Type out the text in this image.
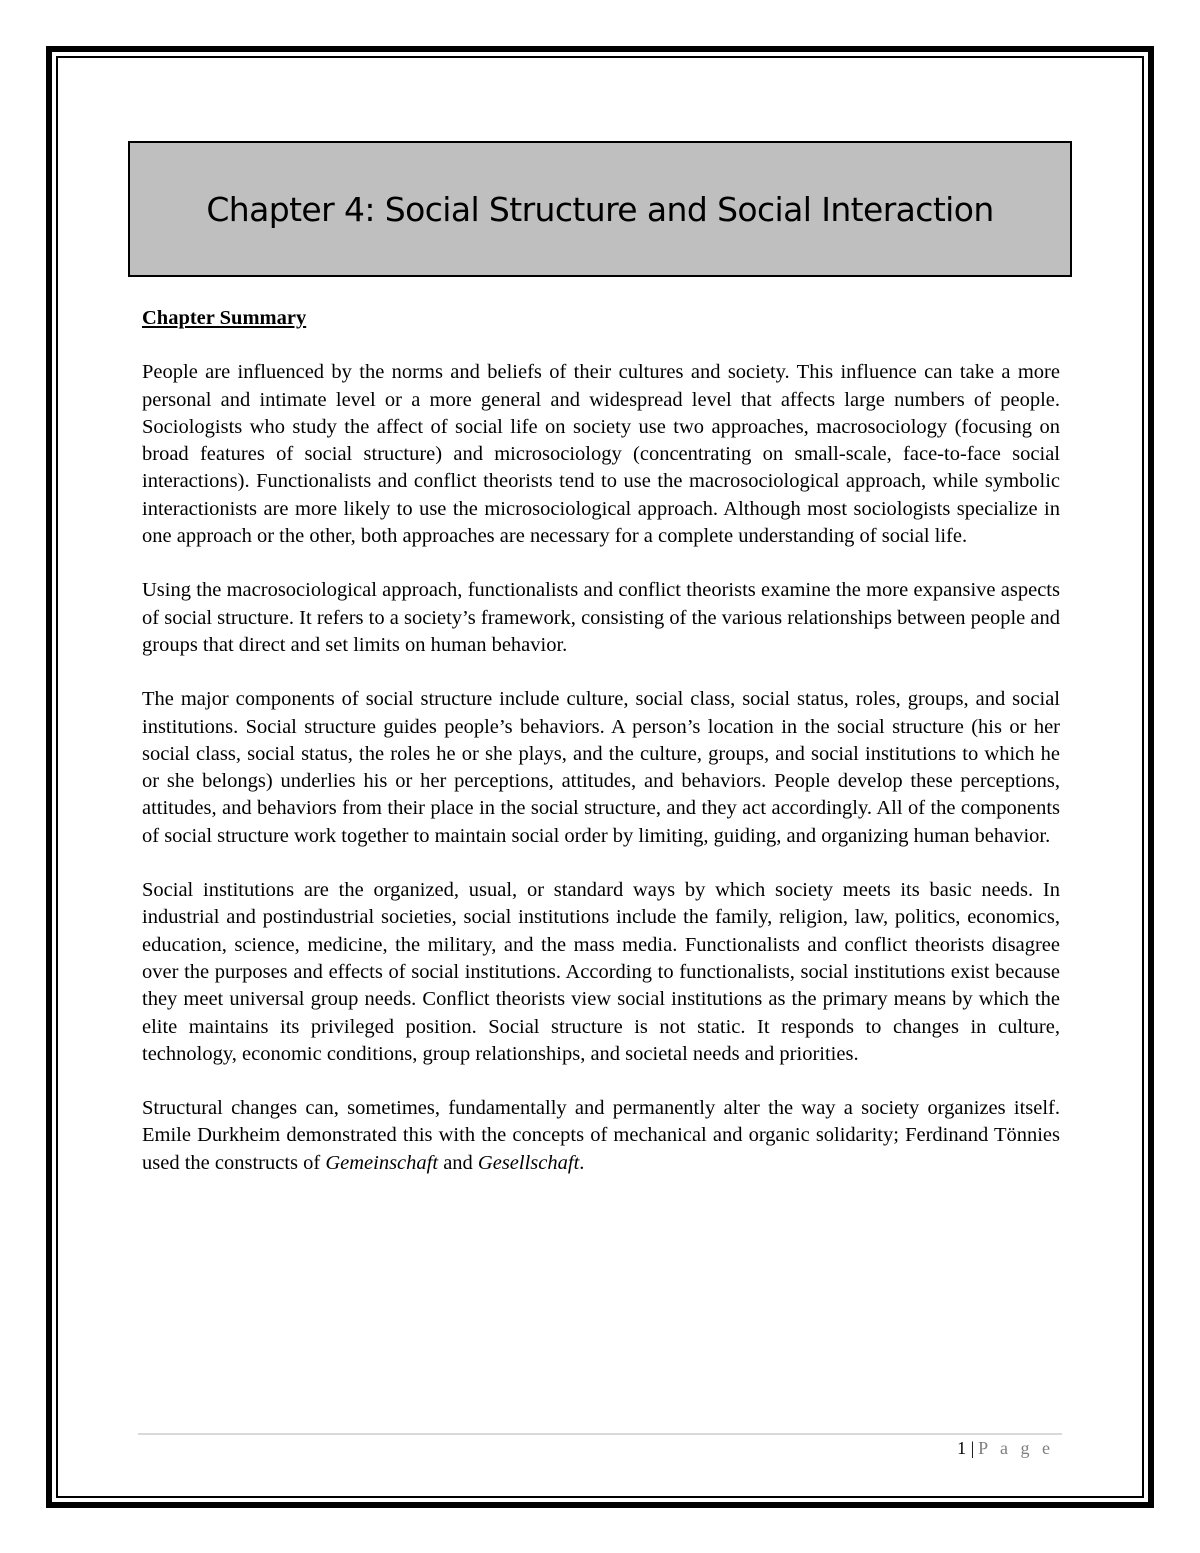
Chapter 4: Social Structure and Social Interaction
Chapter Summary

People are influenced by the norms and beliefs of their cultures and society. This influence can take a more personal and intimate level or a more general and widespread level that affects large numbers of people. Sociologists who study the affect of social life on society use two approaches, macrosociology (focusing on broad features of social structure) and microsociology (concentrating on small-scale, face-to-face social interactions). Functionalists and conflict theorists tend to use the macrosociological approach, while symbolic interactionists are more likely to use the microsociological approach. Although most sociologists specialize in one approach or the other, both approaches are necessary for a complete understanding of social life.

Using the macrosociological approach, functionalists and conflict theorists examine the more expansive aspects of social structure. It refers to a society’s framework, consisting of the various relationships between people and groups that direct and set limits on human behavior.

The major components of social structure include culture, social class, social status, roles, groups, and social institutions. Social structure guides people’s behaviors. A person’s location in the social structure (his or her social class, social status, the roles he or she plays, and the culture, groups, and social institutions to which he or she belongs) underlies his or her perceptions, attitudes, and behaviors. People develop these perceptions, attitudes, and behaviors from their place in the social structure, and they act accordingly. All of the components of social structure work together to maintain social order by limiting, guiding, and organizing human behavior.

Social institutions are the organized, usual, or standard ways by which society meets its basic needs. In industrial and postindustrial societies, social institutions include the family, religion, law, politics, economics, education, science, medicine, the military, and the mass media. Functionalists and conflict theorists disagree over the purposes and effects of social institutions. According to functionalists, social institutions exist because they meet universal group needs. Conflict theorists view social institutions as the primary means by which the elite maintains its privileged position. Social structure is not static. It responds to changes in culture, technology, economic conditions, group relationships, and societal needs and priorities.

Structural changes can, sometimes, fundamentally and permanently alter the way a society organizes itself. Emile Durkheim demonstrated this with the concepts of mechanical and organic solidarity; Ferdinand Tönnies used the constructs of Gemeinschaft and Gesellschaft.

1 | P a g e
